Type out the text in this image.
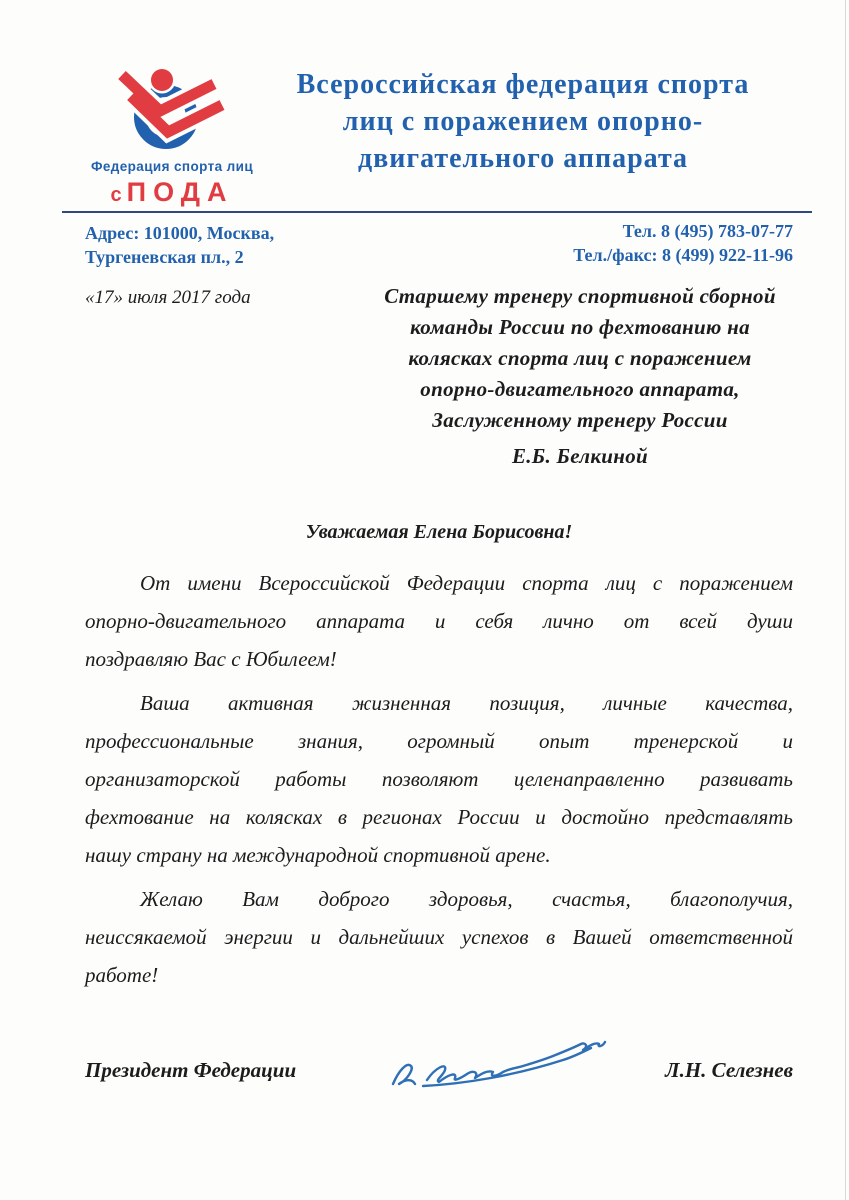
Федерация спорта лиц
сПОДА
Всероссийская федерация спорта
лиц с поражением опорно-
двигательного аппарата
Адрес: 101000, Москва,
Тургеневская пл., 2
Тел. 8 (495) 783-07-77
Тел./факс: 8 (499) 922-11-96
«17» июля 2017 года	Старшему тренеру спортивной сборной
команды России по фехтованию на
колясках спорта лиц с поражением
опорно-двигательного аппарата,
Заслуженному тренеру России
Е.Б. Белкиной
Уважаемая Елена Борисовна!
От имени Всероссийской Федерации спорта лиц с поражением
опорно-двигательного аппарата и себя лично от всей души
поздравляю Вас с Юбилеем!
Ваша активная жизненная позиция, личные качества,
профессиональные знания, огромный опыт тренерской и
организаторской работы позволяют целенаправленно развивать
фехтование на колясках в регионах России и достойно представлять
нашу страну на международной спортивной арене.
Желаю Вам доброго здоровья, счастья, благополучия,
неиссякаемой энергии и дальнейших успехов в Вашей ответственной
работе!
Президент Федерации	Л.Н. Селезнев
